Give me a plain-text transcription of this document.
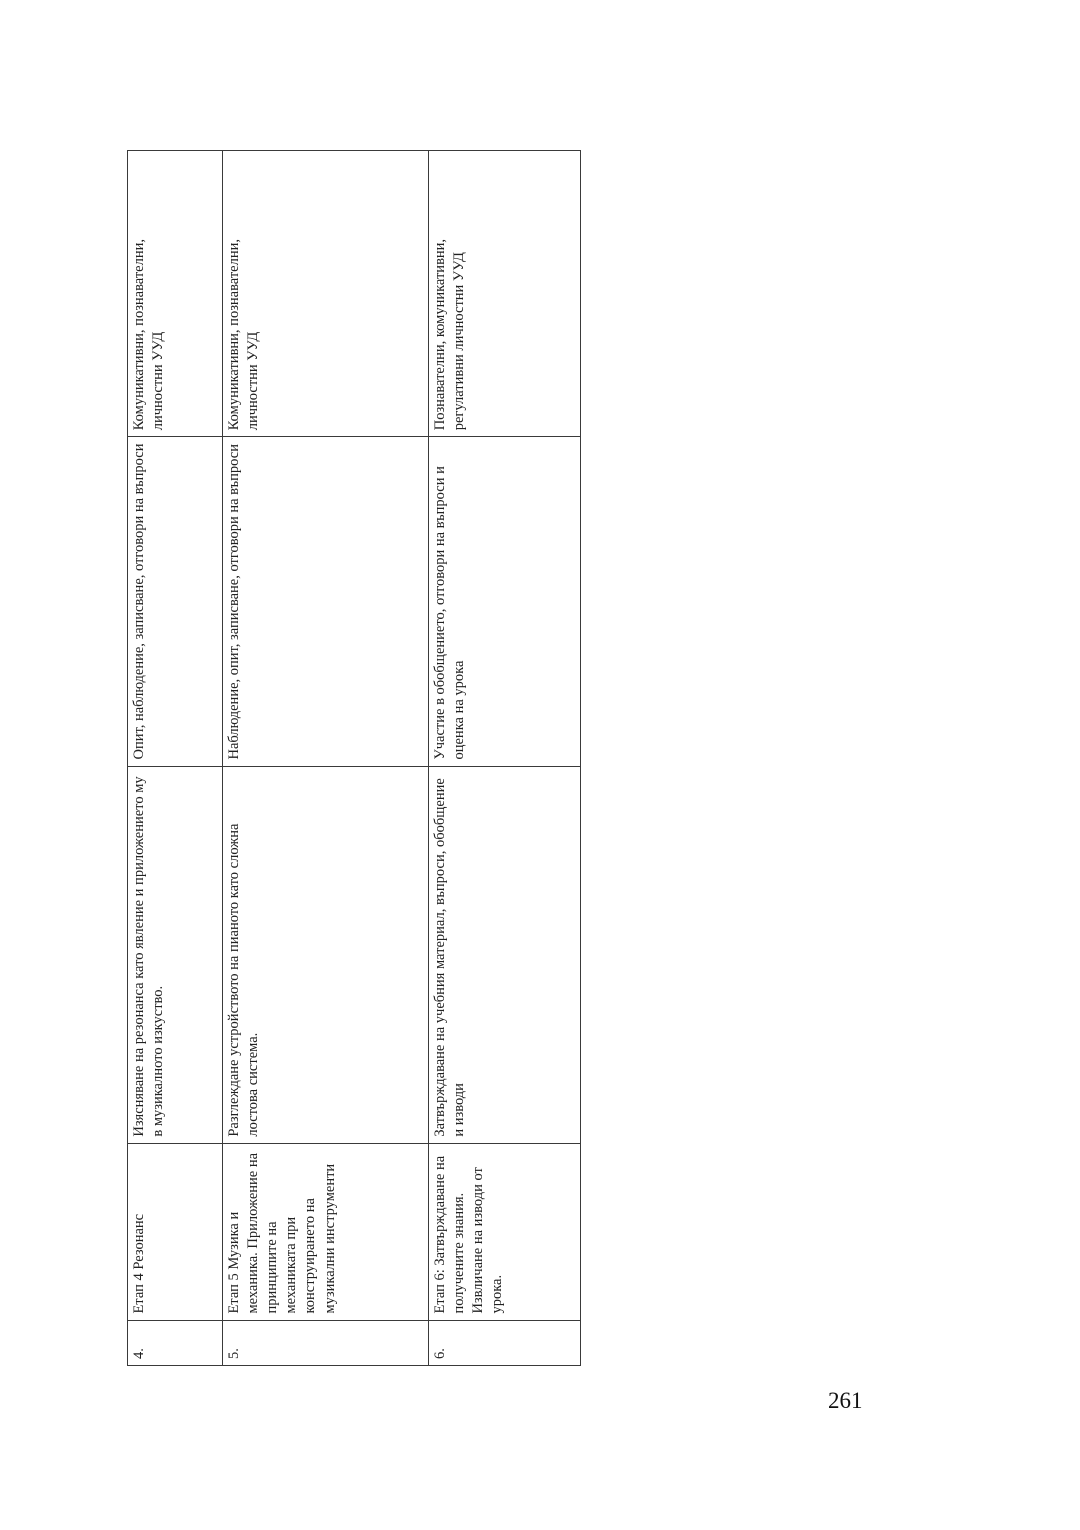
4.	Етап 4 Резонанс	Изясняване на резонанса като явление и приложението му в музикалното изкуство.	Опит, наблюдение, записване, отговори на въпроси	Комуникативни, познавателни, личностни УУД

5.	Етап 5 Музика и механика. Приложение на принципите на механиката при конструирането на музикални инструменти	Разглеждане устройството на пианото като сложна лостова система.	Наблюдение, опит, записване, отговори на въпроси	Комуникативни, познавателни, личностни УУД

6.	Етап 6: Затвърждаване на получените знания. Извличане на изводи от урока.	Затвърждаване на учебния материал, въпроси, обобщение и изводи	Участие в обобщението, отговори на въпроси и оценка на урока	Познавателни, комуникативни, регулативни личностни УУД
261
